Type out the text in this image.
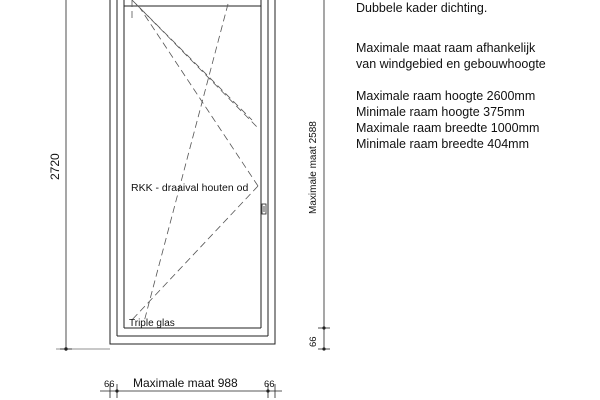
RKK - draaival houten od
Triple glas
2720	Maximale maat 2588
66
66 Maximale maat 988	66
Dubbele kader dichting.
Maximale maat raam afhankelijk
van windgebied en gebouwhoogte
Maximale raam hoogte 2600mm
Minimale raam hoogte 375mm
Maximale raam breedte 1000mm
Minimale raam breedte 404mm
